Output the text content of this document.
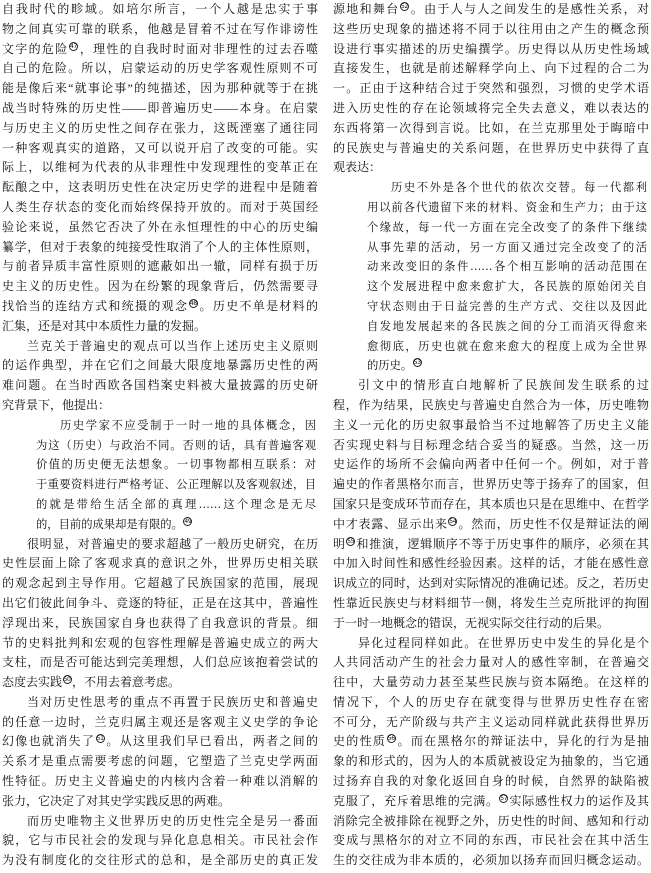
自我时代的畛域。如培尔所言，一个人越是忠实于事
物之间真实可靠的联系，他越是冒着不过在写作诽谤性
文字的危险 47，理性的自我时时面对非理性的过去吞噬
自己的危险。所以，启蒙运动的历史学客观性原则不可
能是像后来“就事论事”的纯描述，因为那种就等于在挑
战当时特殊的历史性——即普遍历史——本身。在启蒙
与历史主义的历史性之间存在张力，这既湮塞了通往同
一种客观真实的道路，又可以说开启了改变的可能。实
际上，以维柯为代表的从非理性中发现理性的变革正在
酝酿之中，这表明历史性在决定历史学的进程中是随着
人类生存状态的变化而始终保持开放的。而对于英国经
验论来说，虽然它否决了外在永恒理性的中心的历史编
纂学，但对于表象的纯接受性取消了个人的主体性原则，
与前者异质丰富性原则的遮蔽如出一辙，同样有损于历
史主义的历史性。因为在纷繁的现象背后，仍然需要寻
找恰当的连结方式和统摄的观念 48。历史不单是材料的
汇集，还是对其中本质性力量的发掘。
兰克关于普遍史的观点可以当作上述历史主义原则
的运作典型，并在它们之间最大限度地暴露历史性的两
难问题。在当时西欧各国档案史料被大量披露的历史研
究背景下，他提出：
历史学家不应受制于一时一地的具体概念，因
为这（历史）与政治不同。否则的话，具有普遍客观
价值的历史便无法想象。一切事物都相互联系：对
于重要资料进行严格考证、公正理解以及客观叙述，目
的就是带给生活全部的真理……这个理念是无尽
的，目前的成果却是有限的。 49
很明显，对普遍史的要求超越了一般历史研究，在历
史性层面上除了客观求真的意识之外，世界历史相关联
的观念起到主导作用。它超越了民族国家的范围，展现
出它们彼此间争斗、竞逐的特征，正是在这其中，普遍性
浮现出来，民族国家自身也获得了自我意识的背景。细
节的史料批判和宏观的包容性理解是普遍史成立的两大
支柱，而是否可能达到完美理想，人们总应该抱着尝试的
态度去实践 50，不用去着意考虑。
当对历史性思考的重点不再置于民族历史和普遍史
的任意一边时，兰克归属主观还是客观主义史学的争论
幻像也就消失了 51。从这里我们早已看出，两者之间的
关系才是重点需要考虑的问题，它塑造了兰克史学两面
性特征。历史主义普遍史的内核内含着一种难以消解的
张力，它决定了对其史学实践反思的两难。
而历史唯物主义世界历史的历史性完全是另一番面
貌，它与市民社会的发现与异化息息相关。市民社会作
为没有制度化的交往形式的总和，是全部历史的真正发
源地和舞台 52。由于人与人之间发生的是感性关系，对
这些历史现象的描述将不同于以往用由之产生的概念预
设进行事实描述的历史编撰学。历史得以从历史性场域
直接发生，也就是前述解释学向上、向下过程的合二为
一。正由于这种结合过于突然和强烈，习惯的史学术语
进入历史性的存在论领域将完全失去意义，难以表达的
东西将第一次得到言说。比如，在兰克那里处于晦暗中
的民族史与普遍史的关系问题，在世界历史中获得了直
观表达：
历史不外是各个世代的依次交替。每一代都利
用以前各代遗留下来的材料、资金和生产力；由于这
个缘故，每一代一方面在完全改变了的条件下继续
从事先辈的活动，另一方面又通过完全改变了的活
动来改变旧的条件……各个相互影响的活动范围在
这个发展进程中愈来愈扩大，各民族的原始闭关自
守状态则由于日益完善的生产方式、交往以及因此
自发地发展起来的各民族之间的分工而消灭得愈来
愈彻底，历史也就在愈来愈大的程度上成为全世界
的历史。 53
引文中的情形直白地解析了民族间发生联系的过
程，作为结果，民族史与普遍史自然合为一体，历史唯物
主义一元化的历史叙事最恰当不过地解答了历史主义能
否实现史料与目标理念结合妥当的疑惑。当然，这一历
史运作的场所不会偏向两者中任何一个。例如，对于普
遍史的作者黑格尔而言，世界历史等于扬弃了的国家，但
国家只是变成环节而存在，其本质也只是在思维中、在哲学
中才表露、显示出来 54。然而，历史性不仅是辩证法的阐
明 55和推演，逻辑顺序不等于历史事件的顺序，必须在其
中加入时间性和感性经验因素。这样的话，才能在感性意
识成立的同时，达到对实际情况的准确记述。反之，若历史
性靠近民族史与材料细节一侧，将发生兰克所批评的拘囿
于一时一地概念的错误，无视实际交往行动的后果。
异化过程同样如此。在世界历史中发生的异化是个
人共同活动产生的社会力量对人的感性宰制，在普遍交
往中，大量劳动力甚至某些民族与资本隔绝。在这样的
情况下，个人的历史存在就变得与世界历史性存在密
不可分，无产阶级与共产主义运动同样就此获得世界历
史的性质 56。而在黑格尔的辩证法中，异化的行为是抽
象的和形式的，因为人的本质就被设定为抽象的，当它通
过扬弃自我的对象化返回自身的时候，自然界的缺陷被
克服了，充斥着思维的完满。 57实际感性权力的运作及其
消除完全被排除在视野之外，历史性的时间、感知和行动
变成与黑格尔的对立不同的东西，市民社会在其中活生
生的交往成为非本质的，必须加以扬弃而回归概念运动。
